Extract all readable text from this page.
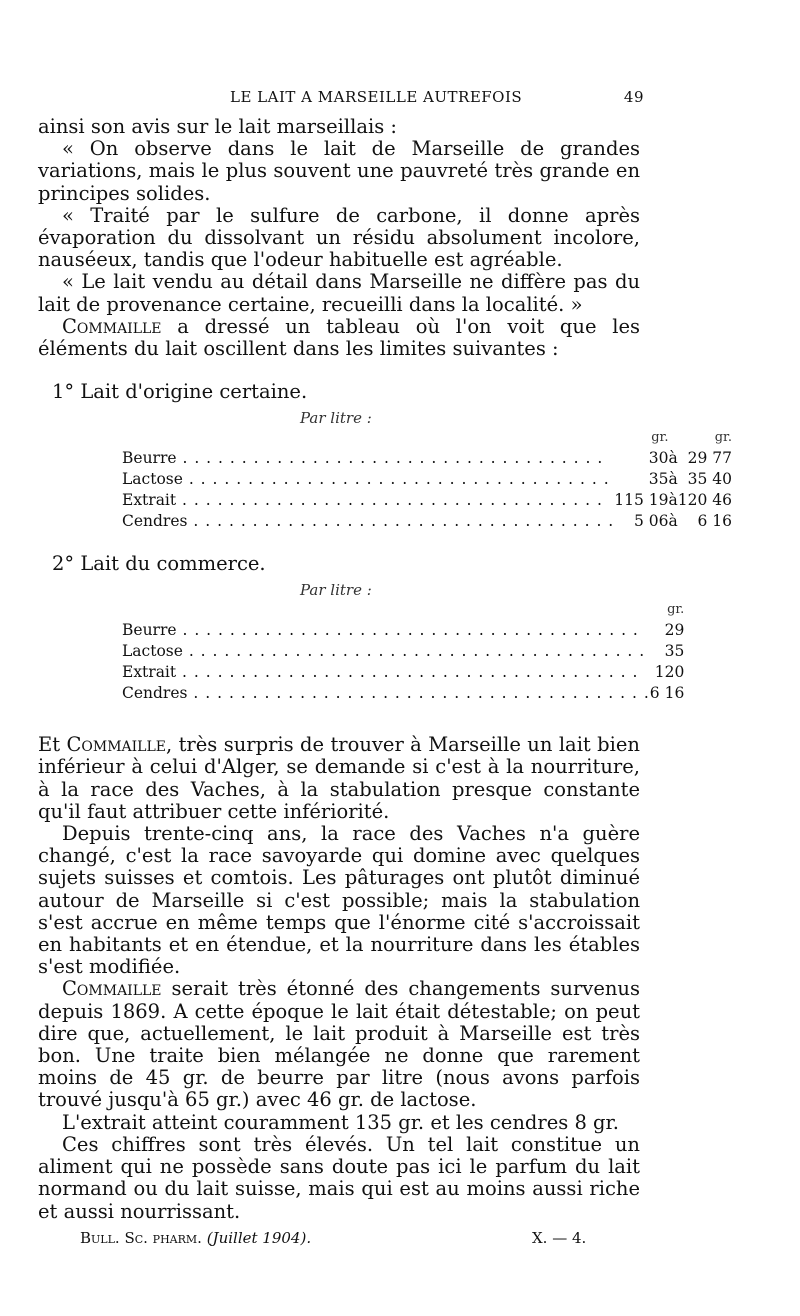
LE LAIT A MARSEILLE AUTREFOIS	49

ainsi son avis sur le lait marseillais :

« On observe dans le lait de Marseille de grandes variations, mais le plus souvent une pauvreté très grande en principes solides.

« Traité par le sulfure de carbone, il donne après évaporation du dissolvant un résidu absolument incolore, nauséeux, tandis que l'odeur habituelle est agréable.

« Le lait vendu au détail dans Marseille ne diffère pas du lait de provenance certaine, recueilli dans la localité. »

Commaille a dressé un tableau où l'on voit que les éléments du lait oscillent dans les limites suivantes :

1° Lait d'origine certaine.
Par litre :
	gr.		gr.
Beurre . . .	30	à	29 77
Lactose . . .	35	à	35 40
Extrait . . .	115 19	à	120 46
Cendres . . .	5 06	à	6 16
2° Lait du commerce.
Par litre :
	gr.
Beurre . . .	29
Lactose . . .	35
Extrait . . .	120
Cendres . . .	6 16

Et Commaille, très surpris de trouver à Marseille un lait bien inférieur à celui d'Alger, se demande si c'est à la nourriture, à la race des Vaches, à la stabulation presque constante qu'il faut attribuer cette infériorité.

Depuis trente-cinq ans, la race des Vaches n'a guère changé, c'est la race savoyarde qui domine avec quelques sujets suisses et comtois. Les pâturages ont plutôt diminué autour de Marseille si c'est possible; mais la stabulation s'est accrue en même temps que l'énorme cité s'accroissait en habitants et en étendue, et la nourriture dans les étables s'est modifiée.

Commaille serait très étonné des changements survenus depuis 1869. A cette époque le lait était détestable; on peut dire que, actuellement, le lait produit à Marseille est très bon. Une traite bien mélangée ne donne que rarement moins de 45 gr. de beurre par litre (nous avons parfois trouvé jusqu'à 65 gr.) avec 46 gr. de lactose.

L'extrait atteint couramment 135 gr. et les cendres 8 gr.

Ces chiffres sont très élevés. Un tel lait constitue un aliment qui ne possède sans doute pas ici le parfum du lait normand ou du lait suisse, mais qui est au moins aussi riche et aussi nourrissant.

Bull. Sc. pharm. (Juillet 1904).	X. — 4.
